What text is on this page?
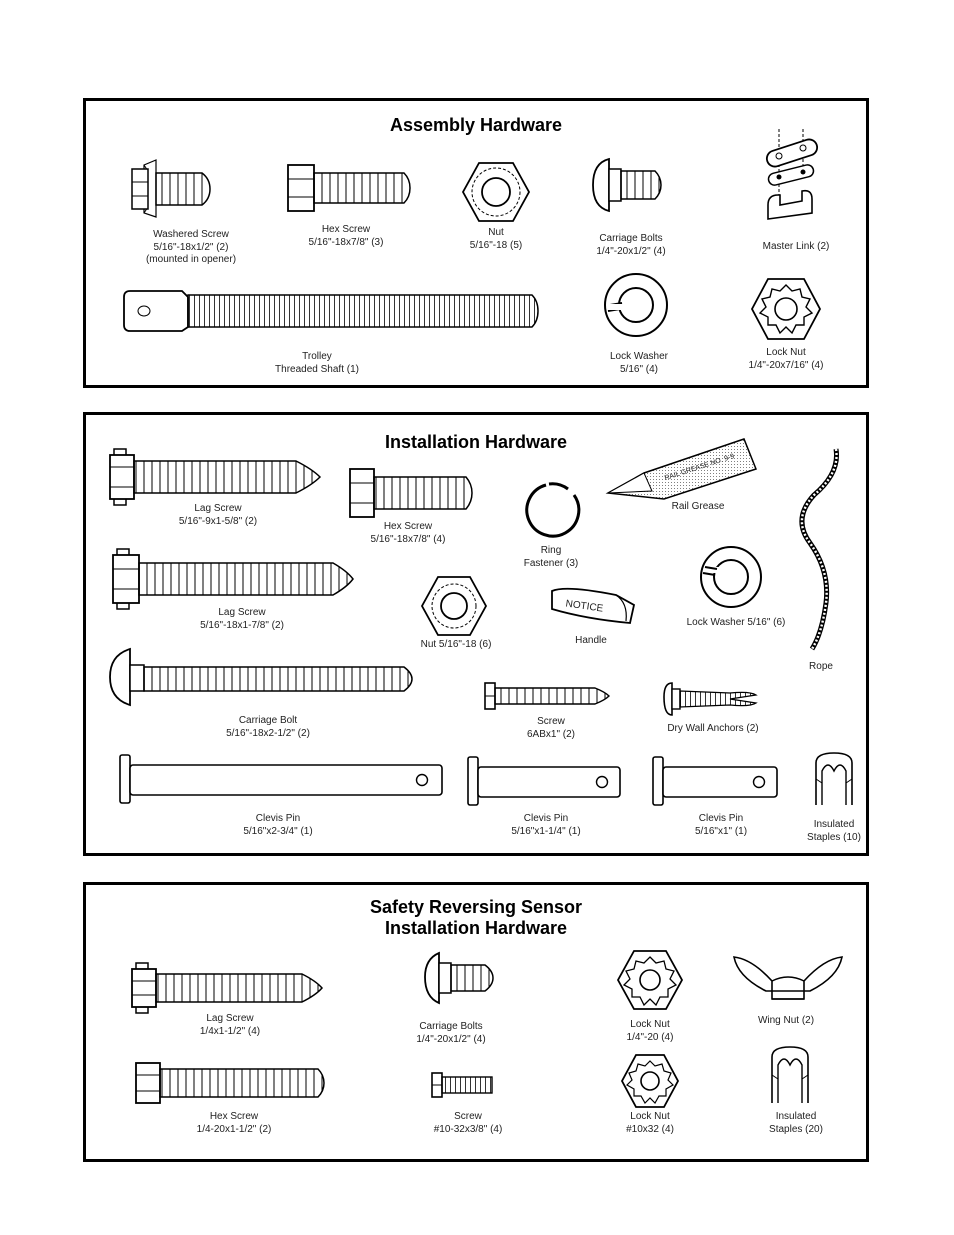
Assembly Hardware
Washered Screw
5/16"-18x1/2" (2)
(mounted in opener)
Hex Screw
5/16"-18x7/8" (3)
Nut
5/16"-18 (5)
Carriage Bolts
1/4"-20x1/2" (4)	Master Link (2)
Trolley
Threaded Shaft (1)
Lock Washer
5/16" (4)
Lock Nut
1/4"-20x7/16" (4)
Installation Hardware
Lag Screw
5/16"-9x1-5/8" (2)	Hex Screw
5/16"-18x7/8" (4)
Ring
Fastener (3)
RAIL GREASE NO. 9-9
Rail Grease
Rope
Lag Screw
5/16"-18x1-7/8" (2)
Nut 5/16"-18 (6)
NOTICE
Handle
Lock Washer 5/16" (6)
Carriage Bolt
5/16"-18x2-1/2" (2)
Screw
6ABx1" (2)	Dry Wall Anchors (2)
Clevis Pin
5/16"x2-3/4" (1)
Clevis Pin
5/16"x1-1/4" (1)
Clevis Pin
5/16"x1" (1)
Insulated
Staples (10)
Safety Reversing Sensor
Installation Hardware
Lag Screw
1/4x1-1/2" (4)	Carriage Bolts
1/4"-20x1/2" (4)
Lock Nut
1/4"-20 (4)
Wing Nut (2)
Hex Screw
1/4-20x1-1/2" (2)
Screw
#10-32x3/8" (4)
Lock Nut
#10x32 (4)
Insulated
Staples (20)
